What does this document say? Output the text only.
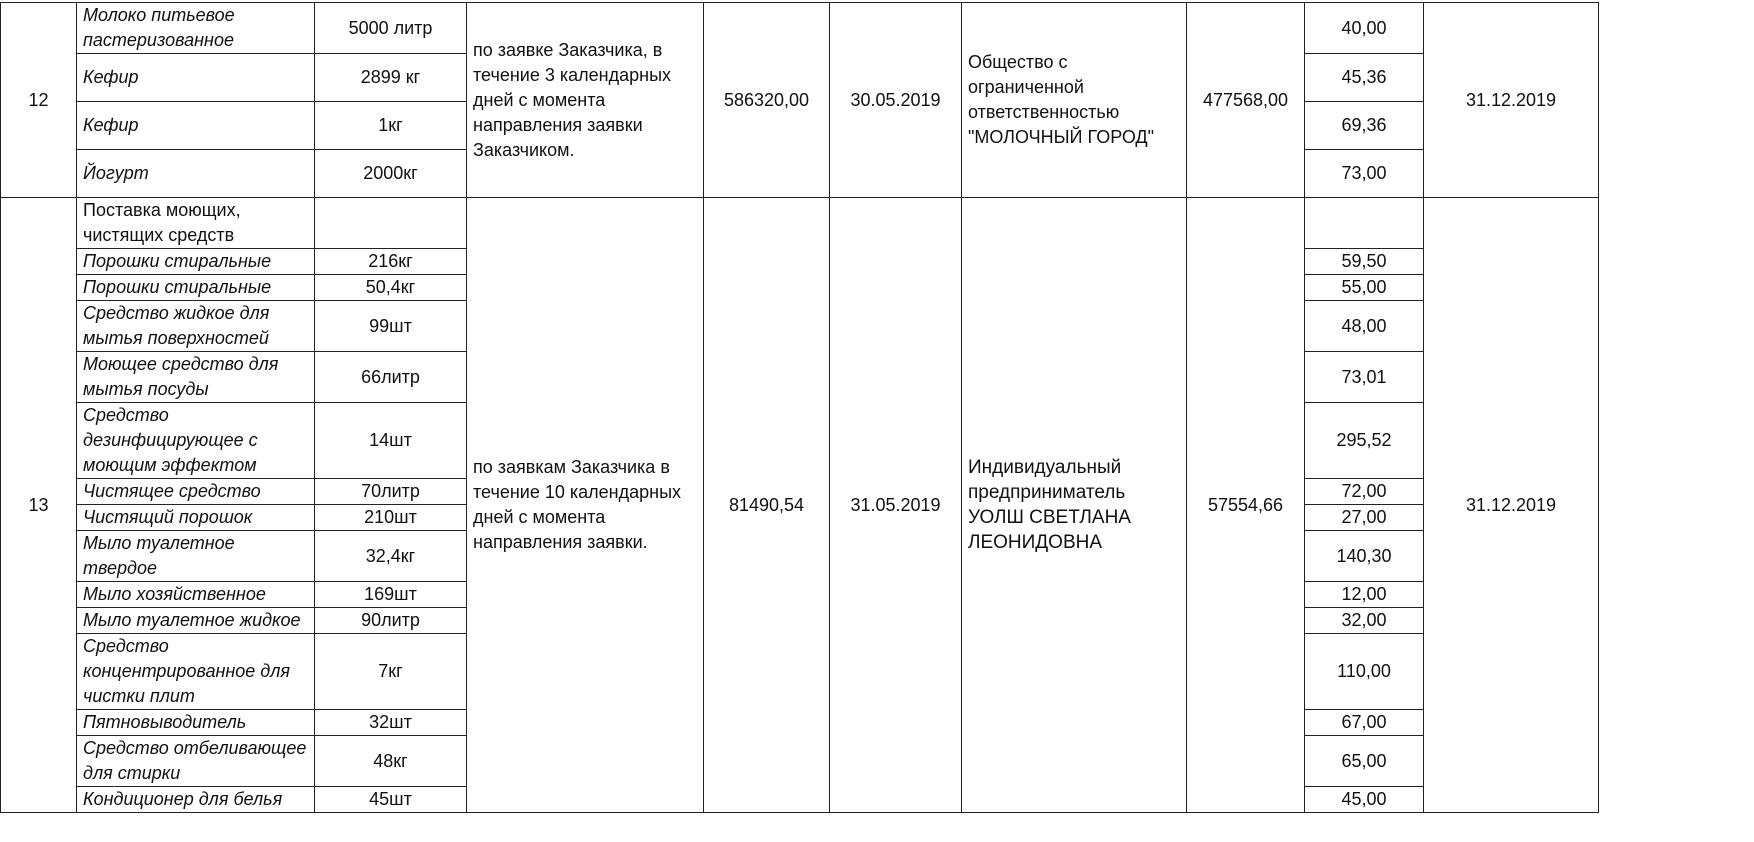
12	Молоко питьевое пастеризованное	5000 литр	по заявке Заказчика, в течение 3 календарных дней с момента направления заявки Заказчиком.	586320,00	30.05.2019	Общество с ограниченной ответственностью "МОЛОЧНЫЙ ГОРОД"	477568,00	40,00	31.12.2019
	Кефир	2899 кг						45,36	
	Кефир	1кг						69,36	
	Йогурт	2000кг						73,00	
13	Поставка моющих, чистящих средств		по заявкам Заказчика в течение 10 календарных дней с момента направления заявки.	81490,54	31.05.2019	Индивидуальный предприниматель УОЛШ СВЕТЛАНА ЛЕОНИДОВНА	57554,66		31.12.2019
	Порошки стиральные	216кг						59,50	
	Порошки стиральные	50,4кг						55,00	
	Средство жидкое для мытья поверхностей	99шт						48,00	
	Моющее средство для мытья посуды	66литр						73,01	
	Средство дезинфицирующее с моющим эффектом	14шт						295,52	
	Чистящее средство	70литр						72,00	
	Чистящий порошок	210шт						27,00	
	Мыло туалетное твердое	32,4кг						140,30	
	Мыло хозяйственное	169шт						12,00	
	Мыло туалетное жидкое	90литр						32,00	
	Средство концентрированное для чистки плит	7кг						110,00	
	Пятновыводитель	32шт						67,00	
	Средство отбеливающее для стирки	48кг						65,00	
	Кондиционер для белья	45шт						45,00	
